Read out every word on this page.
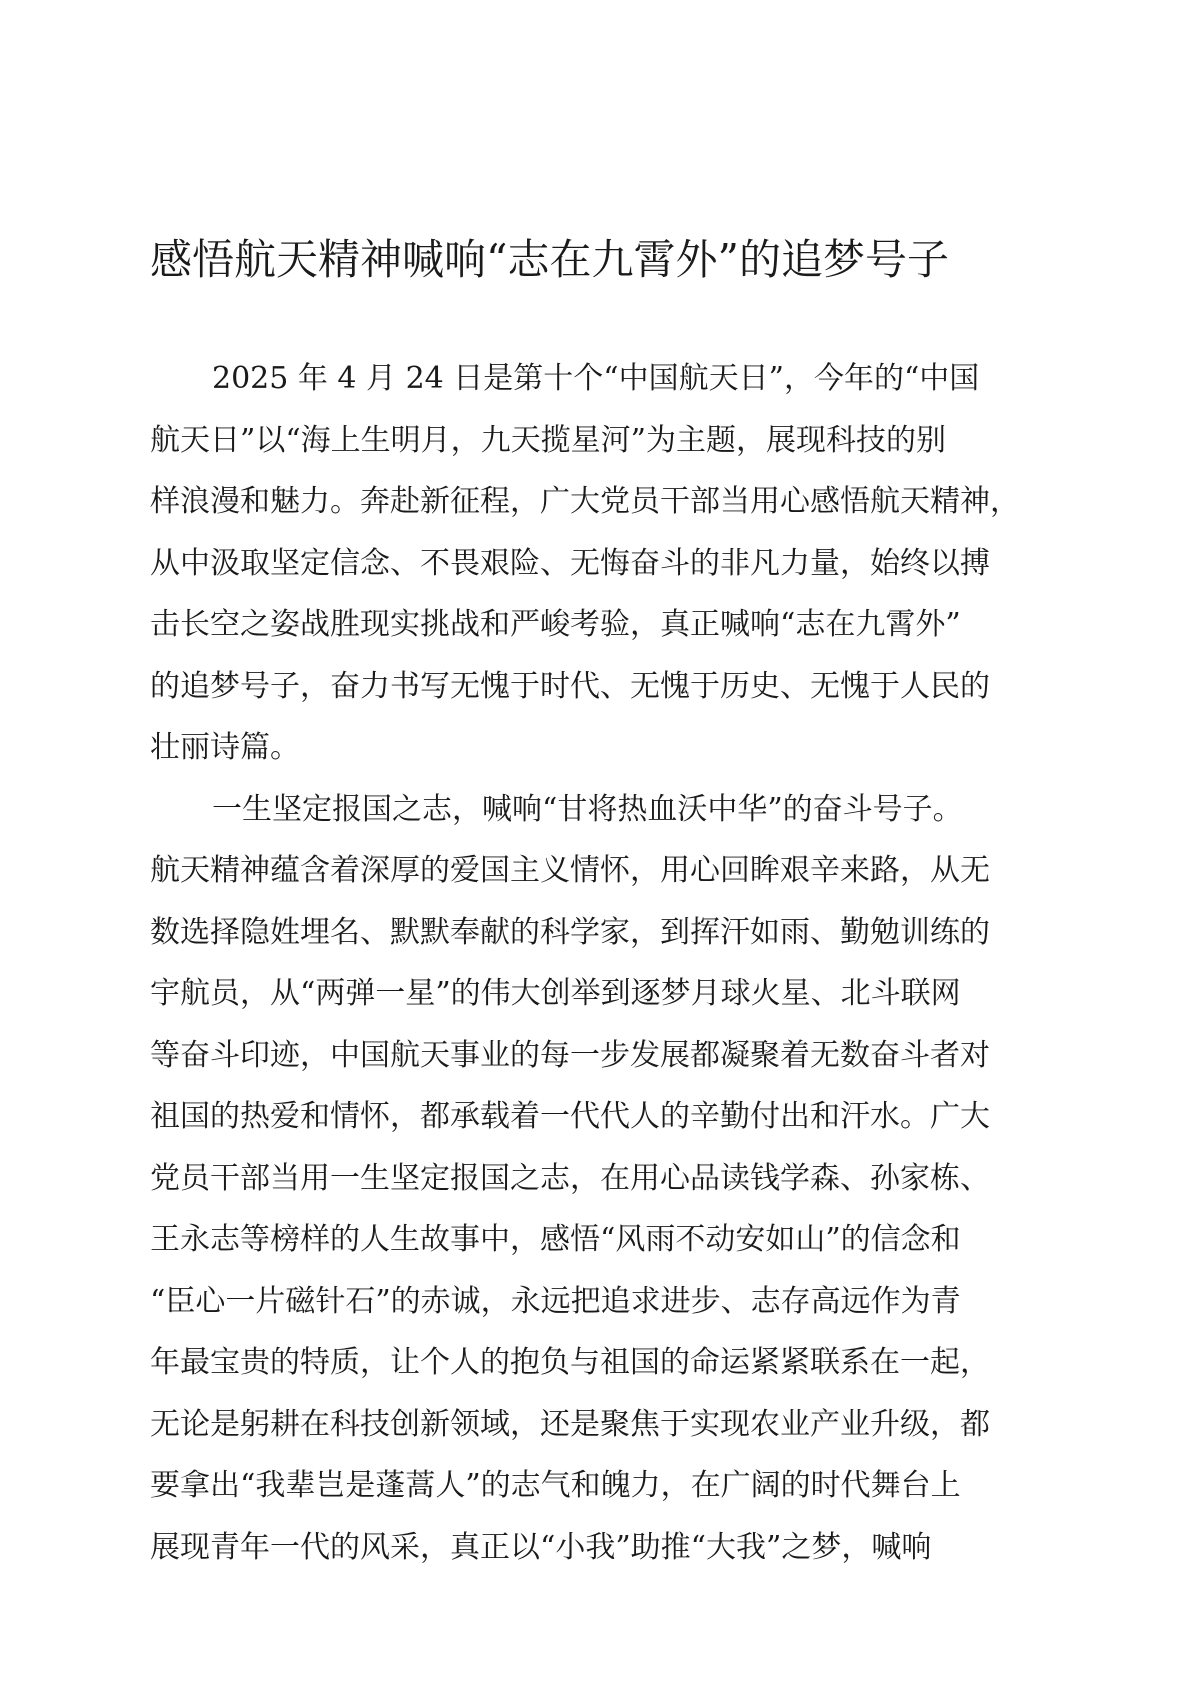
感悟航天精神喊响“志在九霄外”的追梦号子
2025 年 4 月 24 日是第十个“中国航天日”，今年的“中国
航天日”以“海上生明月，九天揽星河”为主题，展现科技的别
样浪漫和魅力。奔赴新征程，广大党员干部当用心感悟航天精神，
从中汲取坚定信念、不畏艰险、无悔奋斗的非凡力量，始终以搏
击长空之姿战胜现实挑战和严峻考验，真正喊响“志在九霄外”
的追梦号子，奋力书写无愧于时代、无愧于历史、无愧于人民的
壮丽诗篇。
一生坚定报国之志，喊响“甘将热血沃中华”的奋斗号子。
航天精神蕴含着深厚的爱国主义情怀，用心回眸艰辛来路，从无
数选择隐姓埋名、默默奉献的科学家，到挥汗如雨、勤勉训练的
宇航员，从“两弹一星”的伟大创举到逐梦月球火星、北斗联网
等奋斗印迹，中国航天事业的每一步发展都凝聚着无数奋斗者对
祖国的热爱和情怀，都承载着一代代人的辛勤付出和汗水。广大
党员干部当用一生坚定报国之志，在用心品读钱学森、孙家栋、
王永志等榜样的人生故事中，感悟“风雨不动安如山”的信念和
“臣心一片磁针石”的赤诚，永远把追求进步、志存高远作为青
年最宝贵的特质，让个人的抱负与祖国的命运紧紧联系在一起，
无论是躬耕在科技创新领域，还是聚焦于实现农业产业升级，都
要拿出“我辈岂是蓬蒿人”的志气和魄力，在广阔的时代舞台上
展现青年一代的风采，真正以“小我”助推“大我”之梦，喊响
